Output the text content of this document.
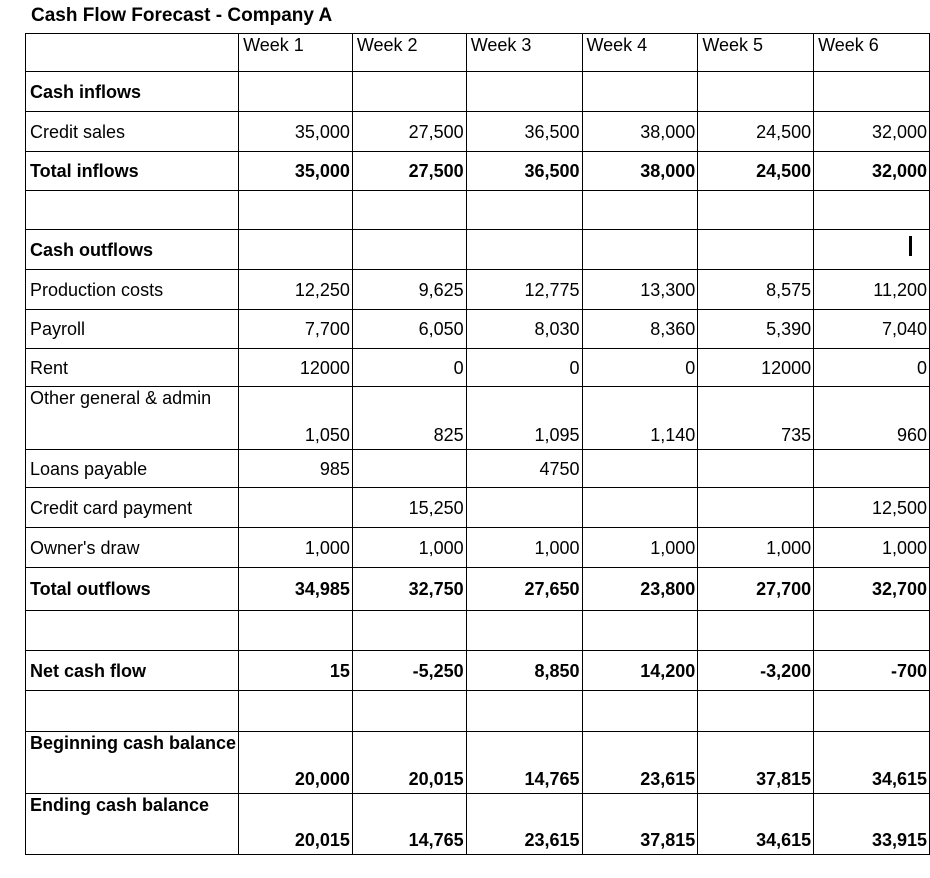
Cash Flow Forecast - Company A
	Week 1	Week 2	Week 3	Week 4	Week 5	Week 6
Cash inflows						
Credit sales	35,000	27,500	36,500	38,000	24,500	32,000
Total inflows	35,000	27,500	36,500	38,000	24,500	32,000

Cash outflows						
Production costs	12,250	9,625	12,775	13,300	8,575	11,200
Payroll	7,700	6,050	8,030	8,360	5,390	7,040
Rent	12000	0	0	0	12000	0
Other general & admin	1,050	825	1,095	1,140	735	960
Loans payable	985		4750			
Credit card payment		15,250				12,500
Owner's draw	1,000	1,000	1,000	1,000	1,000	1,000
Total outflows	34,985	32,750	27,650	23,800	27,700	32,700

Net cash flow	15	-5,250	8,850	14,200	-3,200	-700

Beginning cash balance	20,000	20,015	14,765	23,615	37,815	34,615
Ending cash balance	20,015	14,765	23,615	37,815	34,615	33,915
